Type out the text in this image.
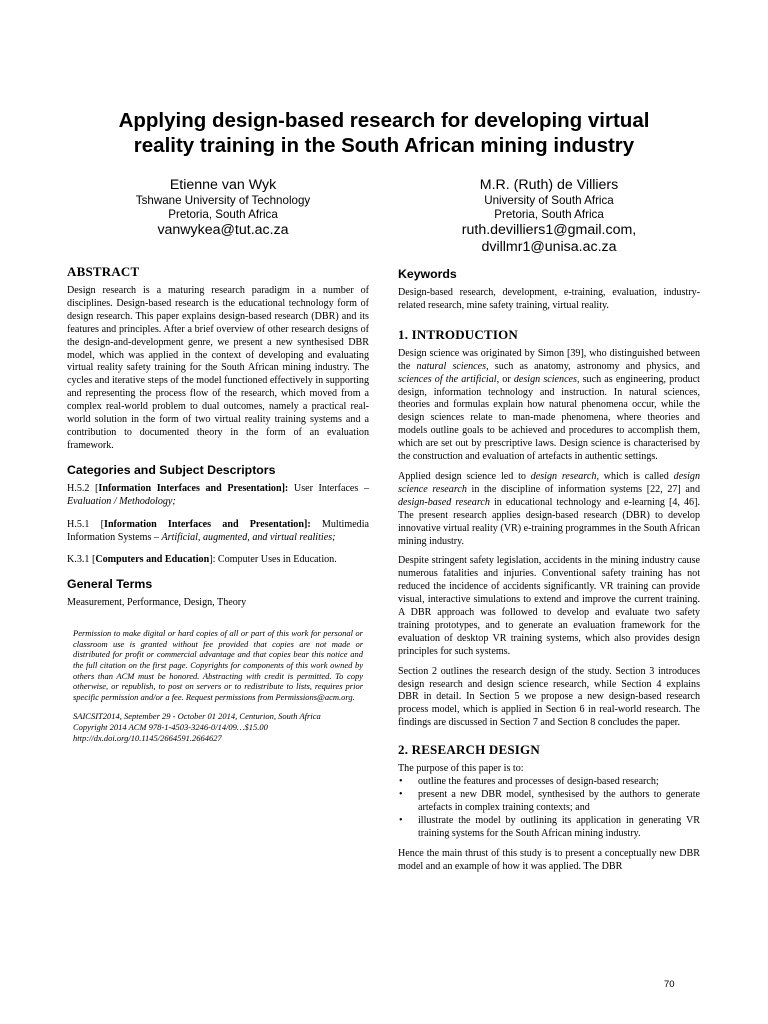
Applying design-based research for developing virtual
reality training in the South African mining industry
Etienne van Wyk
Tshwane University of Technology
Pretoria, South Africa
vanwykea@tut.ac.za
M.R. (Ruth) de Villiers
University of South Africa
Pretoria, South Africa
ruth.devilliers1@gmail.com,
dvillmr1@unisa.ac.za
ABSTRACT

Design research is a maturing research paradigm in a number of disciplines. Design-based research is the educational technology form of design research. This paper explains design-based research (DBR) and its features and principles. After a brief overview of other research designs of the design-and-development genre, we present a new synthesised DBR model, which was applied in the context of developing and evaluating virtual reality safety training for the South African mining industry. The cycles and iterative steps of the model functioned effectively in supporting and representing the process flow of the research, which moved from a complex real-world problem to dual outcomes, namely a practical real-world solution in the form of two virtual reality training systems and a contribution to documented theory in the form of an evaluation framework.

Categories and Subject Descriptors

H.5.2 [Information Interfaces and Presentation]: User Interfaces – Evaluation / Methodology;

H.5.1 [Information Interfaces and Presentation]: Multimedia Information Systems – Artificial, augmented, and virtual realities;

K.3.1 [Computers and Education]: Computer Uses in Education.

General Terms

Measurement, Performance, Design, Theory

Permission to make digital or hard copies of all or part of this work for personal or classroom use is granted without fee provided that copies are not made or distributed for profit or commercial advantage and that copies bear this notice and the full citation on the first page. Copyrights for components of this work owned by others than ACM must be honored. Abstracting with credit is permitted. To copy otherwise, or republish, to post on servers or to redistribute to lists, requires prior specific permission and/or a fee. Request permissions from Permissions@acm.org.
SAICSIT2014, September 29 - October 01 2014, Centurion, South Africa
Copyright 2014 ACM 978-1-4503-3246-0/14/09…$15.00
http://dx.doi.org/10.1145/2664591.2664627
Keywords

Design-based research, development, e-training, evaluation, industry-related research, mine safety training, virtual reality.

1. INTRODUCTION

Design science was originated by Simon [39], who distinguished between the natural sciences, such as anatomy, astronomy and physics, and sciences of the artificial, or design sciences, such as engineering, product design, information technology and instruction. In natural sciences, theories and formulas explain how natural phenomena occur, while the design sciences relate to man-made phenomena, where theories and models outline goals to be achieved and procedures to accomplish them, which are set out by prescriptive laws. Design science is characterised by the construction and evaluation of artefacts in authentic settings.

Applied design science led to design research, which is called design science research in the discipline of information systems [22, 27] and design-based research in educational technology and e-learning [4, 46]. The present research applies design-based research (DBR) to develop innovative virtual reality (VR) e-training programmes in the South African mining industry.

Despite stringent safety legislation, accidents in the mining industry cause numerous fatalities and injuries. Conventional safety training has not reduced the incidence of accidents significantly. VR training can provide visual, interactive simulations to extend and improve the current training. A DBR approach was followed to develop and evaluate two safety training prototypes, and to generate an evaluation framework for the evaluation of desktop VR training systems, which also provides design principles for such systems.

Section 2 outlines the research design of the study. Section 3 introduces design research and design science research, while Section 4 explains DBR in detail. In Section 5 we propose a new design-based research process model, which is applied in Section 6 in real-world research. The findings are discussed in Section 7 and Section 8 concludes the paper.

2. RESEARCH DESIGN

The purpose of this paper is to:

• outline the features and processes of design-based research;
• present a new DBR model, synthesised by the authors to generate artefacts in complex training contexts; and
• illustrate the model by outlining its application in generating VR training systems for the South African mining industry.

Hence the main thrust of this study is to present a conceptually new DBR model and an example of how it was applied. The DBR

70
